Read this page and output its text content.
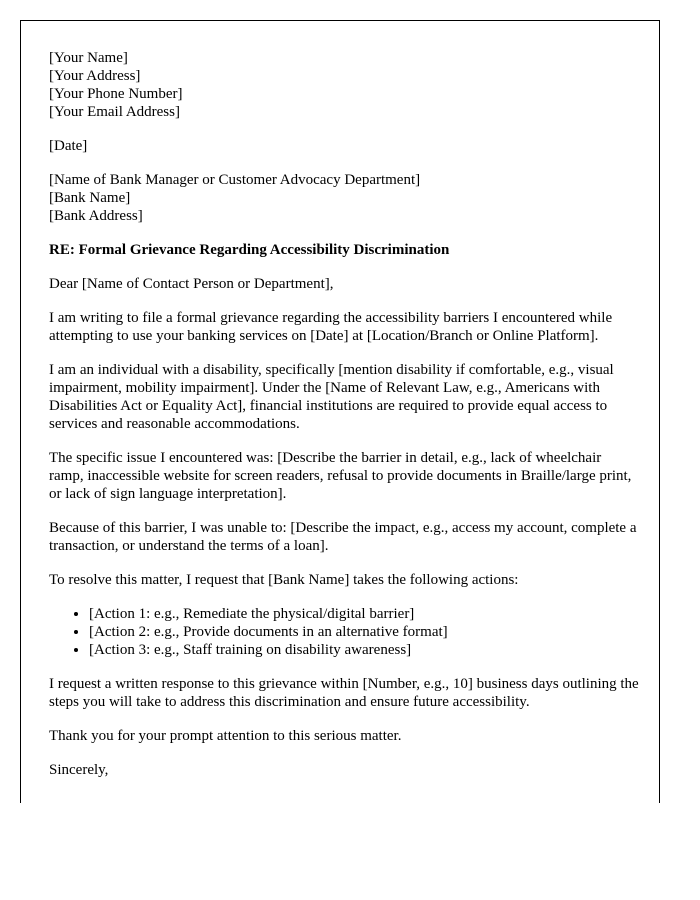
[Your Name]
[Your Address]
[Your Phone Number]
[Your Email Address]
[Date]
[Name of Bank Manager or Customer Advocacy Department]
[Bank Name]
[Bank Address]
RE: Formal Grievance Regarding Accessibility Discrimination

Dear [Name of Contact Person or Department],

I am writing to file a formal grievance regarding the accessibility barriers I encountered while attempting to use your banking services on [Date] at [Location/Branch or Online Platform].

I am an individual with a disability, specifically [mention disability if comfortable, e.g., visual impairment, mobility impairment]. Under the [Name of Relevant Law, e.g., Americans with Disabilities Act or Equality Act], financial institutions are required to provide equal access to services and reasonable accommodations.

The specific issue I encountered was: [Describe the barrier in detail, e.g., lack of wheelchair ramp, inaccessible website for screen readers, refusal to provide documents in Braille/large print, or lack of sign language interpretation].

Because of this barrier, I was unable to: [Describe the impact, e.g., access my account, complete a transaction, or understand the terms of a loan].

To resolve this matter, I request that [Bank Name] takes the following actions:

• [Action 1: e.g., Remediate the physical/digital barrier]
• [Action 2: e.g., Provide documents in an alternative format]
• [Action 3: e.g., Staff training on disability awareness]

I request a written response to this grievance within [Number, e.g., 10] business days outlining the steps you will take to address this discrimination and ensure future accessibility.

Thank you for your prompt attention to this serious matter.

Sincerely,
